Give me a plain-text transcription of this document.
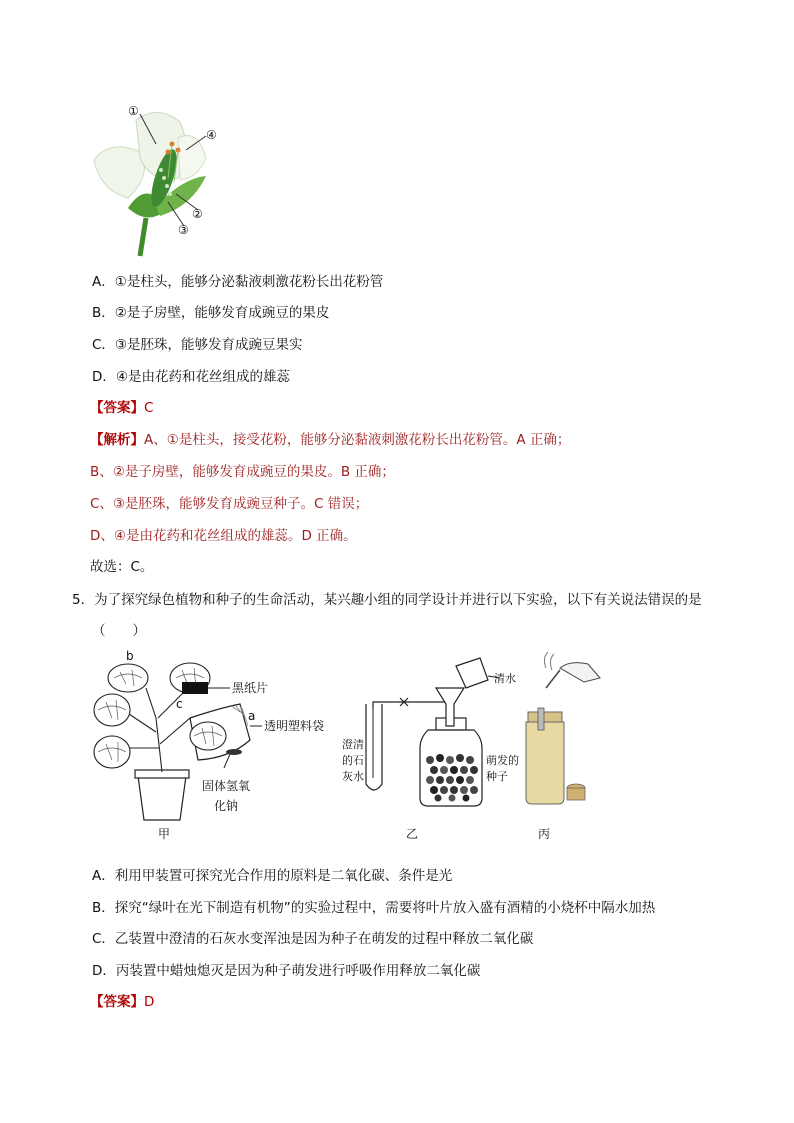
①
④
②
③
A．①是柱头，能够分泌黏液刺激花粉长出花粉管
B．②是子房壁，能够发育成豌豆的果皮
C．③是胚珠，能够发育成豌豆果实
D．④是由花药和花丝组成的雄蕊
【答案】C
【解析】A、①是柱头，接受花粉，能够分泌黏液刺激花粉长出花粉管。A 正确；
B、②是子房壁，能够发育成豌豆的果皮。B 正确；
C、③是胚珠，能够发育成豌豆种子。C 错误；
D、④是由花药和花丝组成的雄蕊。D 正确。
故选：C。
5．为了探究绿色植物和种子的生命活动，某兴趣小组的同学设计并进行以下实验，以下有关说法错误的是
（　　）
b
c
a
黑纸片
透明塑料袋
固体氢氧
化钠
甲
澄清
的石
灰水
清水
萌发的
种子
乙	丙
A．利用甲装置可探究光合作用的原料是二氧化碳、条件是光
B．探究“绿叶在光下制造有机物”的实验过程中，需要将叶片放入盛有酒精的小烧杯中隔水加热
C．乙装置中澄清的石灰水变浑浊是因为种子在萌发的过程中释放二氧化碳
D．丙装置中蜡烛熄灭是因为种子萌发进行呼吸作用释放二氧化碳
【答案】D
